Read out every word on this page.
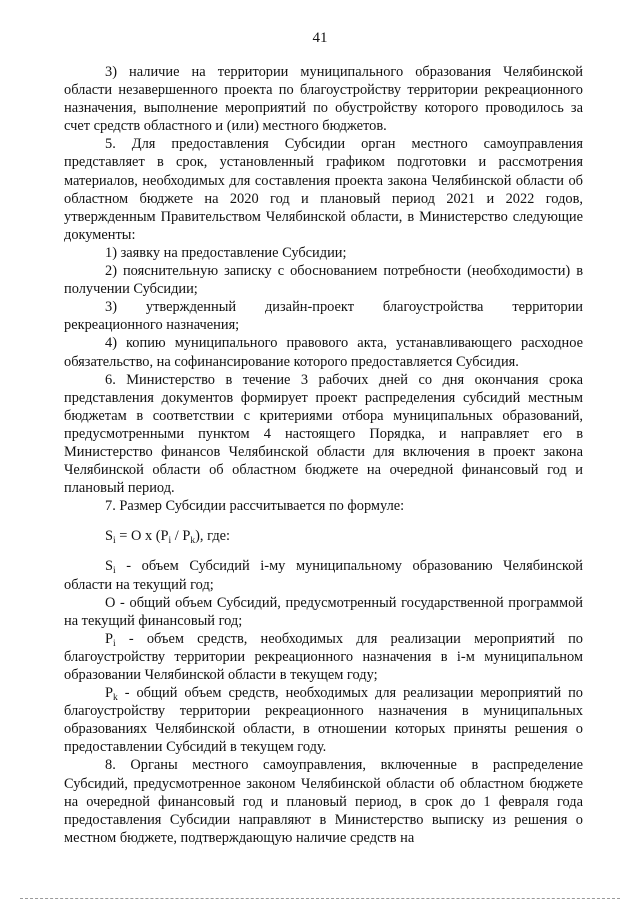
41

3) наличие на территории муниципального образования Челябинской области незавершенного проекта по благоустройству территории рекреационного назначения, выполнение мероприятий по обустройству которого проводилось за счет средств областного и (или) местного бюджетов.

5. Для предоставления Субсидии орган местного самоуправления представляет в срок, установленный графиком подготовки и рассмотрения материалов, необходимых для составления проекта закона Челябинской области об областном бюджете на 2020 год и плановый период 2021 и 2022 годов, утвержденным Правительством Челябинской области, в Министерство следующие документы:

1) заявку на предоставление Субсидии;

2) пояснительную записку с обоснованием потребности (необходимости) в получении Субсидии;

3) утвержденный дизайн-проект благоустройства территории рекреационного назначения;

4) копию муниципального правового акта, устанавливающего расходное обязательство, на софинансирование которого предоставляется Субсидия.

6. Министерство в течение 3 рабочих дней со дня окончания срока представления документов формирует проект распределения субсидий местным бюджетам в соответствии с критериями отбора муниципальных образований, предусмотренными пунктом 4 настоящего Порядка, и направляет его в Министерство финансов Челябинской области для включения в проект закона Челябинской области об областном бюджете на очередной финансовый год и плановый период.

7. Размер Субсидии рассчитывается по формуле:

$S_i = O$ x $(P_i / P_k)$, где:

$S_i$ - объем Субсидий i-му муниципальному образованию Челябинской области на текущий год;

O - общий объем Субсидий, предусмотренный государственной программой на текущий финансовый год;

$P_i$ - объем средств, необходимых для реализации мероприятий по благоустройству территории рекреационного назначения в i-м муниципальном образовании Челябинской области в текущем году;

$P_k$ - общий объем средств, необходимых для реализации мероприятий по благоустройству территории рекреационного назначения в муниципальных образованиях Челябинской области, в отношении которых приняты решения о предоставлении Субсидий в текущем году.

8. Органы местного самоуправления, включенные в распределение Субсидий, предусмотренное законом Челябинской области об областном бюджете на очередной финансовый год и плановый период, в срок до 1 февраля года предоставления Субсидии направляют в Министерство выписку из решения о местном бюджете, подтверждающую наличие средств на
